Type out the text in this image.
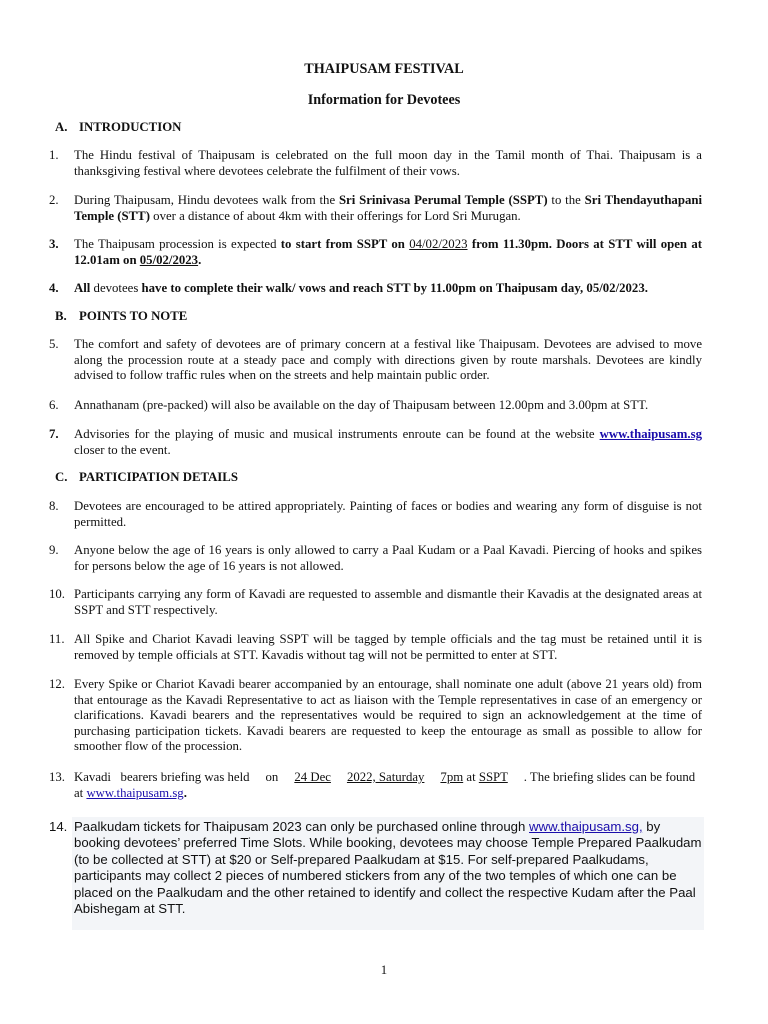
THAIPUSAM FESTIVAL
Information for Devotees
A. INTRODUCTION
1.	The Hindu festival of Thaipusam is celebrated on the full moon day in the Tamil month of Thai. Thaipusam is a thanksgiving festival where devotees celebrate the fulfilment of their vows.
2.	During Thaipusam, Hindu devotees walk from the Sri Srinivasa Perumal Temple (SSPT) to the Sri Thendayuthapani Temple (STT) over a distance of about 4km with their offerings for Lord Sri Murugan.
3.	The Thaipusam procession is expected to start from SSPT on 04/02/2023 from 11.30pm. Doors at STT will open at 12.01am on 05/02/2023.
4.	All devotees have to complete their walk/ vows and reach STT by 11.00pm on Thaipusam day, 05/02/2023.
B. POINTS TO NOTE
5.	The comfort and safety of devotees are of primary concern at a festival like Thaipusam. Devotees are advised to move along the procession route at a steady pace and comply with directions given by route marshals. Devotees are kindly advised to follow traffic rules when on the streets and help maintain public order.
6.	Annathanam (pre-packed) will also be available on the day of Thaipusam between 12.00pm and 3.00pm at STT.
7.	Advisories for the playing of music and musical instruments enroute can be found at the website www.thaipusam.sg closer to the event.
C. PARTICIPATION DETAILS
8.	Devotees are encouraged to be attired appropriately. Painting of faces or bodies and wearing any form of disguise is not permitted.
9.	Anyone below the age of 16 years is only allowed to carry a Paal Kudam or a Paal Kavadi. Piercing of hooks and spikes for persons below the age of 16 years is not allowed.
10. Participants carrying any form of Kavadi are requested to assemble and dismantle their Kavadis at the designated areas at SSPT and STT respectively.
11. All Spike and Chariot Kavadi leaving SSPT will be tagged by temple officials and the tag must be retained until it is removed by temple officials at STT. Kavadis without tag will not be permitted to enter at STT.
12. Every Spike or Chariot Kavadi bearer accompanied by an entourage, shall nominate one adult (above 21 years old) from that entourage as the Kavadi Representative to act as liaison with the Temple representatives in case of an emergency or clarifications. Kavadi bearers and the representatives would be required to sign an acknowledgement at the time of purchasing participation tickets. Kavadi bearers are requested to keep the entourage as small as possible to allow for smoother flow of the procession.
13. Kavadi   bearers briefing was held     on     24 Dec 2022, Saturday 7pm at SSPT     . The briefing slides can be found at www.thaipusam.sg.
14. Paalkudam tickets for Thaipusam 2023 can only be purchased online through www.thaipusam.sg, by booking devotees’ preferred Time Slots. While booking, devotees may choose Temple Prepared Paalkudam (to be collected at STT) at $20 or Self-prepared Paalkudam at $15. For self-prepared Paalkudams, participants may collect 2 pieces of numbered stickers from any of the two temples of which one can be placed on the Paalkudam and the other retained to identify and collect the respective Kudam after the Paal Abishegam at STT.
1
